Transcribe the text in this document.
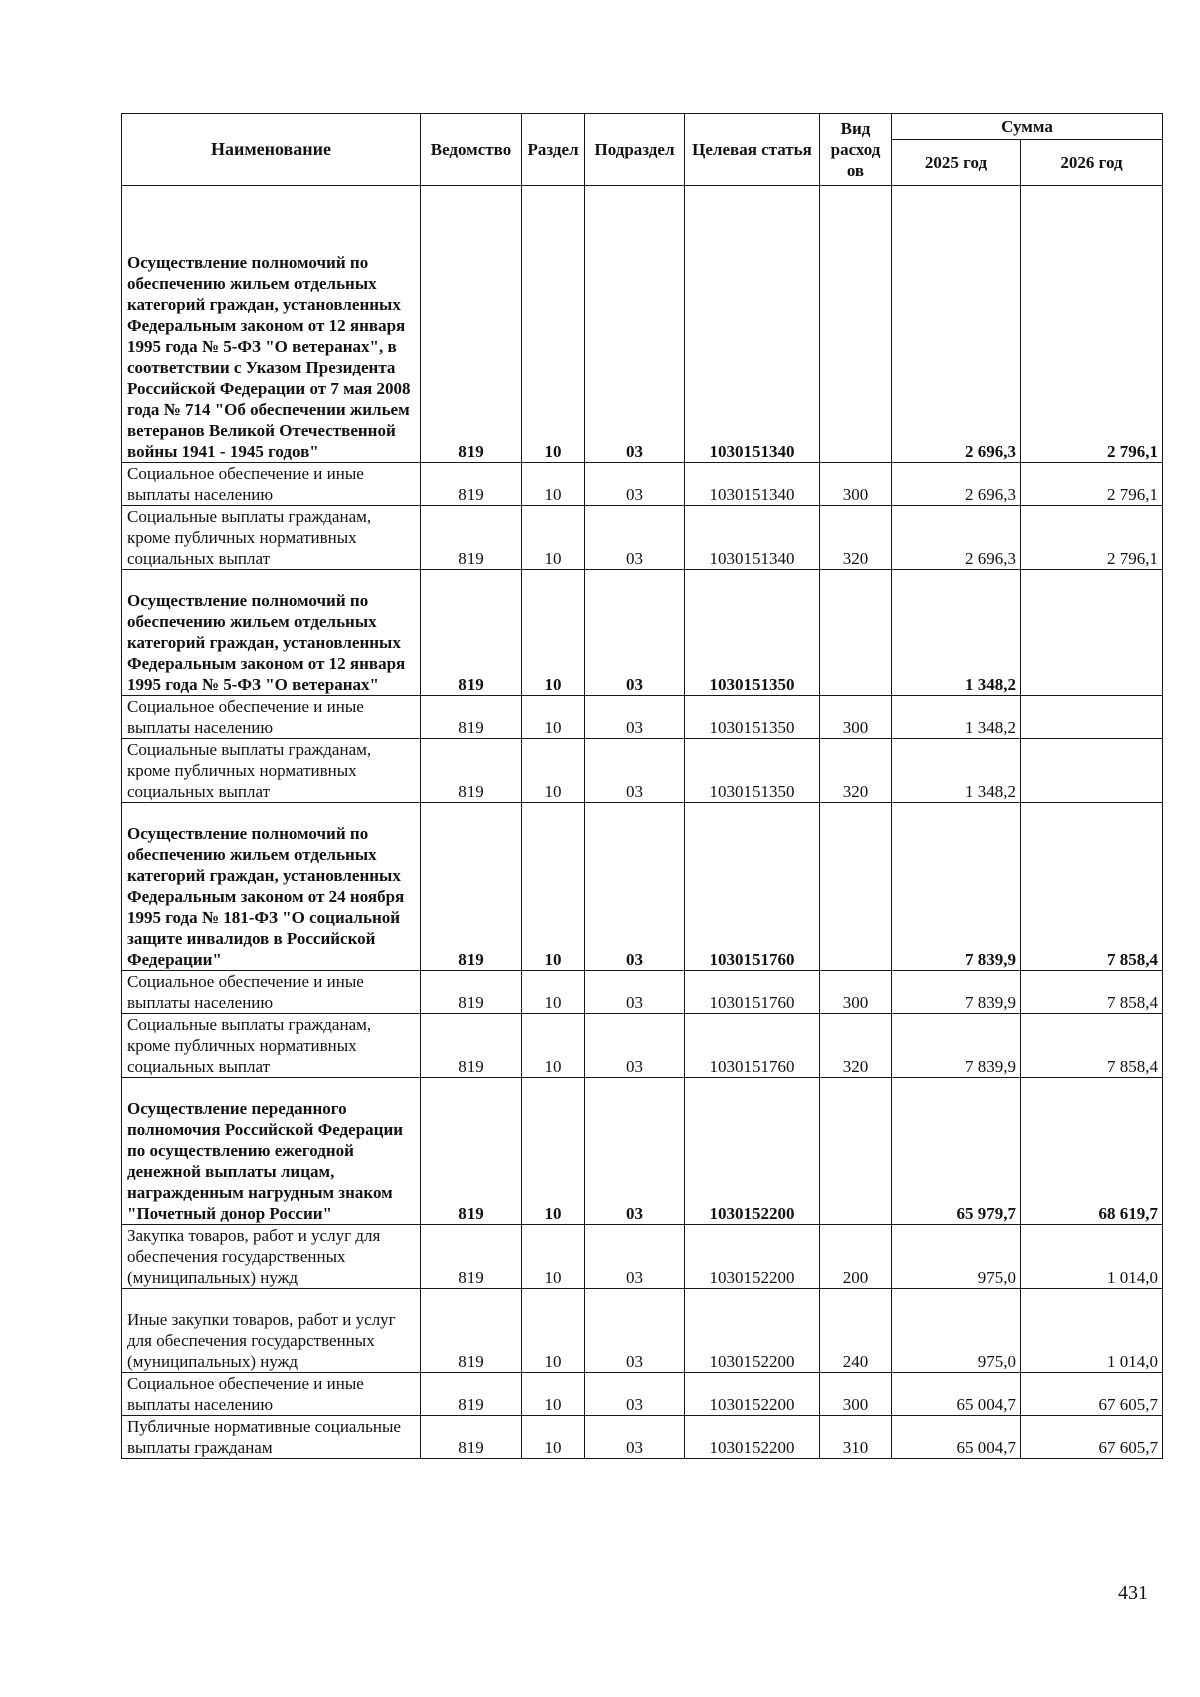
Наименование	Ведомство	Раздел	Подраздел	Целевая статья	Вид расход ов	Сумма	
						2025 год	2026 год
Осуществление полномочий по обеспечению жильем отдельных категорий граждан, установленных Федеральным законом от 12 января 1995 года № 5-ФЗ "О ветеранах", в соответствии с Указом Президента Российской Федерации от 7 мая 2008 года № 714 "Об обеспечении жильем ветеранов Великой Отечественной войны 1941 - 1945 годов"	819	10	03	1030151340		2 696,3	2 796,1
Социальное обеспечение и иные выплаты населению	819	10	03	1030151340	300	2 696,3	2 796,1
Социальные выплаты гражданам, кроме публичных нормативных социальных выплат	819	10	03	1030151340	320	2 696,3	2 796,1
Осуществление полномочий по обеспечению жильем отдельных категорий граждан, установленных Федеральным законом от 12 января 1995 года № 5-ФЗ "О ветеранах"	819	10	03	1030151350		1 348,2	
Социальное обеспечение и иные выплаты населению	819	10	03	1030151350	300	1 348,2	
Социальные выплаты гражданам, кроме публичных нормативных социальных выплат	819	10	03	1030151350	320	1 348,2	
Осуществление полномочий по обеспечению жильем отдельных категорий граждан, установленных Федеральным законом от 24 ноября 1995 года № 181-ФЗ "О социальной защите инвалидов в Российской Федерации"	819	10	03	1030151760		7 839,9	7 858,4
Социальное обеспечение и иные выплаты населению	819	10	03	1030151760	300	7 839,9	7 858,4
Социальные выплаты гражданам, кроме публичных нормативных социальных выплат	819	10	03	1030151760	320	7 839,9	7 858,4
Осуществление переданного полномочия Российской Федерации по осуществлению ежегодной денежной выплаты лицам, награжденным нагрудным знаком "Почетный донор России"	819	10	03	1030152200		65 979,7	68 619,7
Закупка товаров, работ и услуг для обеспечения государственных (муниципальных) нужд	819	10	03	1030152200	200	975,0	1 014,0
Иные закупки товаров, работ и услуг для обеспечения государственных (муниципальных) нужд	819	10	03	1030152200	240	975,0	1 014,0
Социальное обеспечение и иные выплаты населению	819	10	03	1030152200	300	65 004,7	67 605,7
Публичные нормативные социальные выплаты гражданам	819	10	03	1030152200	310	65 004,7	67 605,7
431
